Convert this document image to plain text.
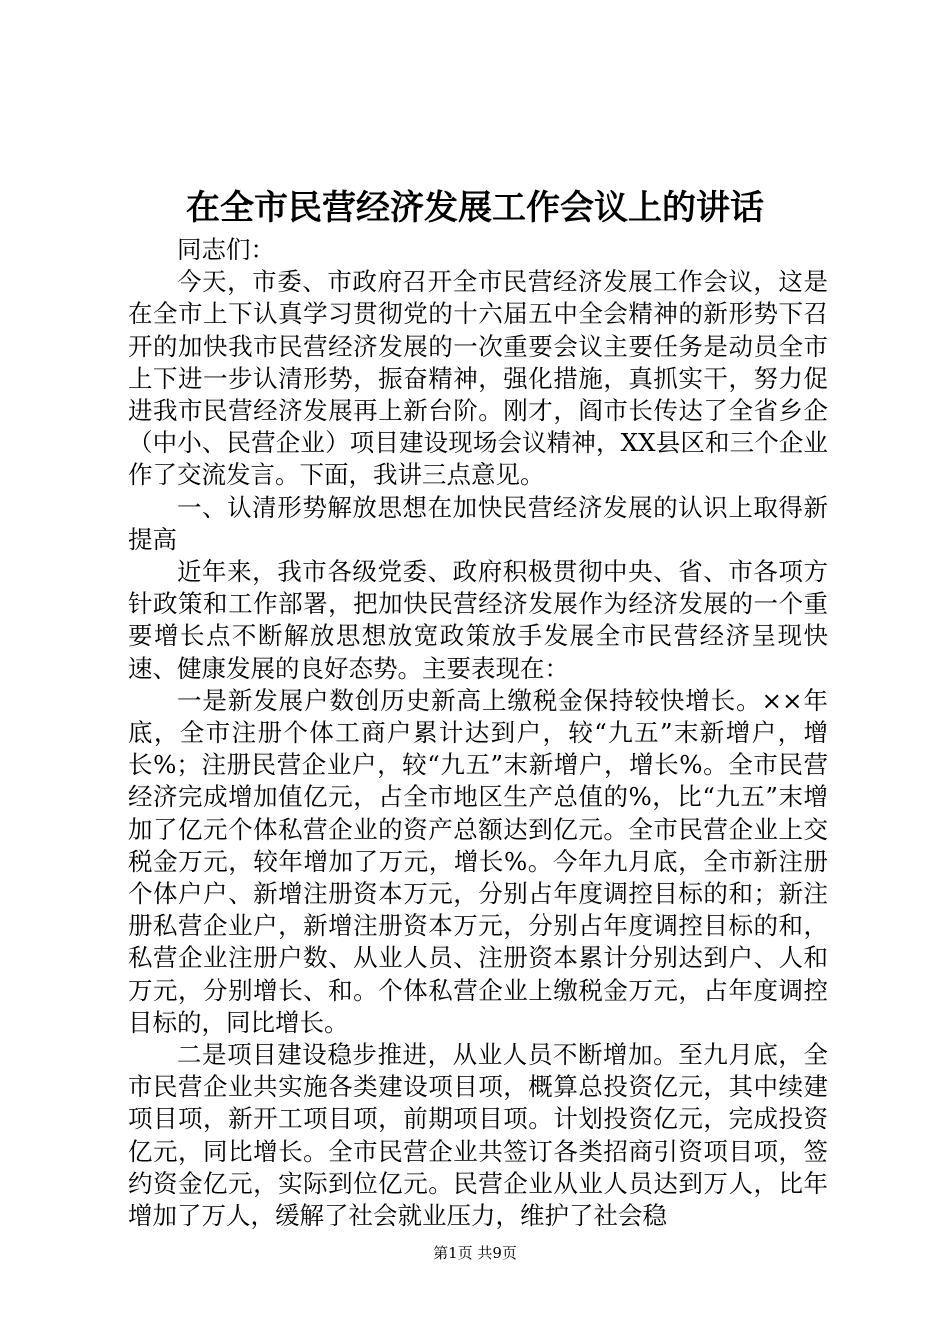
在全市民营经济发展工作会议上的讲话

同志们：

今天，市委、市政府召开全市民营经济发展工作会议，这是在全市上下认真学习贯彻党的十六届五中全会精神的新形势下召开的加快我市民营经济发展的一次重要会议主要任务是动员全市上下进一步认清形势，振奋精神，强化措施，真抓实干，努力促进我市民营经济发展再上新台阶。刚才，阎市长传达了全省乡企（中小、民营企业）项目建设现场会议精神，XX县区和三个企业作了交流发言。下面，我讲三点意见。

一、认清形势解放思想在加快民营经济发展的认识上取得新提高

近年来，我市各级党委、政府积极贯彻中央、省、市各项方针政策和工作部署，把加快民营经济发展作为经济发展的一个重要增长点不断解放思想放宽政策放手发展全市民营经济呈现快速、健康发展的良好态势。主要表现在：

一是新发展户数创历史新高上缴税金保持较快增长。××年底，全市注册个体工商户累计达到户，较“九五”末新增户，增长%；注册民营企业户，较“九五”末新增户，增长%。全市民营经济完成增加值亿元，占全市地区生产总值的%，比“九五”末增加了亿元个体私营企业的资产总额达到亿元。全市民营企业上交税金万元，较年增加了万元，增长%。今年九月底，全市新注册个体户户、新增注册资本万元，分别占年度调控目标的和；新注册私营企业户，新增注册资本万元，分别占年度调控目标的和，私营企业注册户数、从业人员、注册资本累计分别达到户、人和万元，分别增长、和。个体私营企业上缴税金万元，占年度调控目标的，同比增长。

二是项目建设稳步推进，从业人员不断增加。至九月底，全市民营企业共实施各类建设项目项，概算总投资亿元，其中续建项目项，新开工项目项，前期项目项。计划投资亿元，完成投资亿元，同比增长。全市民营企业共签订各类招商引资项目项，签约资金亿元，实际到位亿元。民营企业从业人员达到万人，比年增加了万人，缓解了社会就业压力，维护了社会稳

第1页 共9页
